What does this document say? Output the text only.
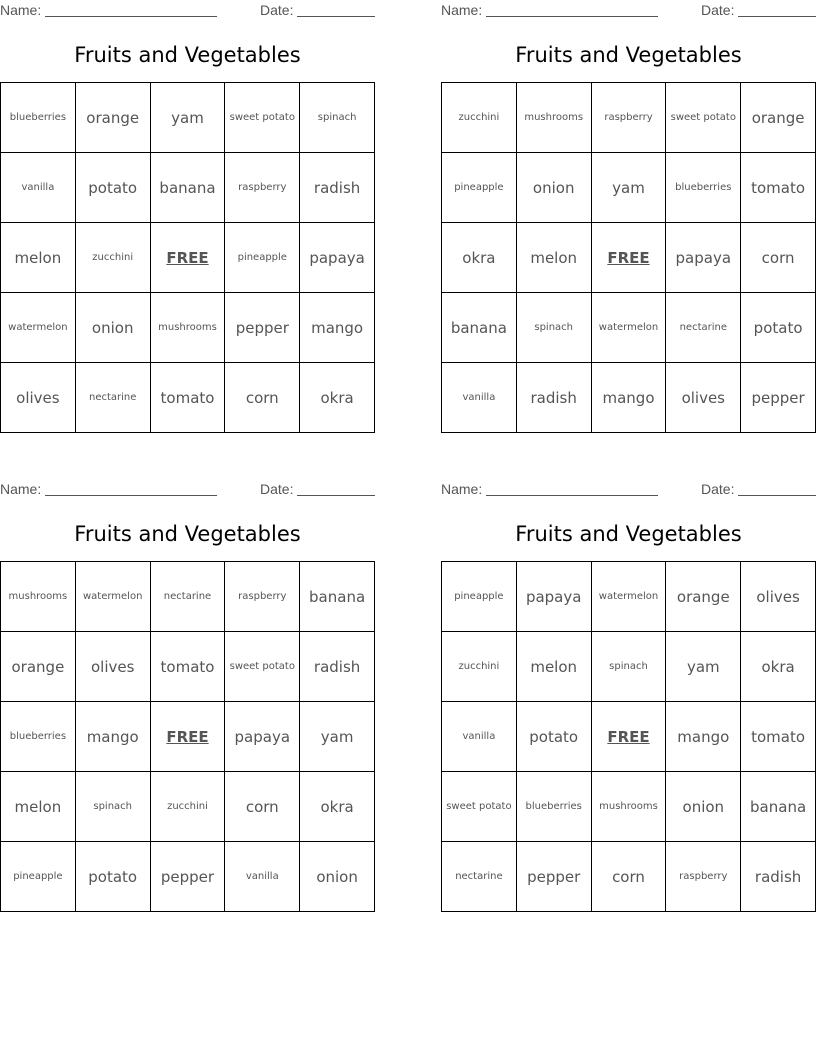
Name:	Date:
Fruits and Vegetables
blueberries	orange	yam	sweet potato	spinach
vanilla	potato	banana	raspberry	radish
melon	zucchini	FREE	pineapple	papaya
watermelon	onion	mushrooms	pepper	mango
olives	nectarine	tomato	corn	okra
Name:	Date:
Fruits and Vegetables
zucchini	mushrooms	raspberry	sweet potato	orange
pineapple	onion	yam	blueberries	tomato
okra	melon	FREE	papaya	corn
banana	spinach	watermelon	nectarine	potato
vanilla	radish	mango	olives	pepper
Name:	Date:
Fruits and Vegetables
mushrooms	watermelon	nectarine	raspberry	banana
orange	olives	tomato	sweet potato	radish
blueberries	mango	FREE	papaya	yam
melon	spinach	zucchini	corn	okra
pineapple	potato	pepper	vanilla	onion
Name:	Date:
Fruits and Vegetables
pineapple	papaya	watermelon	orange	olives
zucchini	melon	spinach	yam	okra
vanilla	potato	FREE	mango	tomato
sweet potato	blueberries	mushrooms	onion	banana
nectarine	pepper	corn	raspberry	radish
